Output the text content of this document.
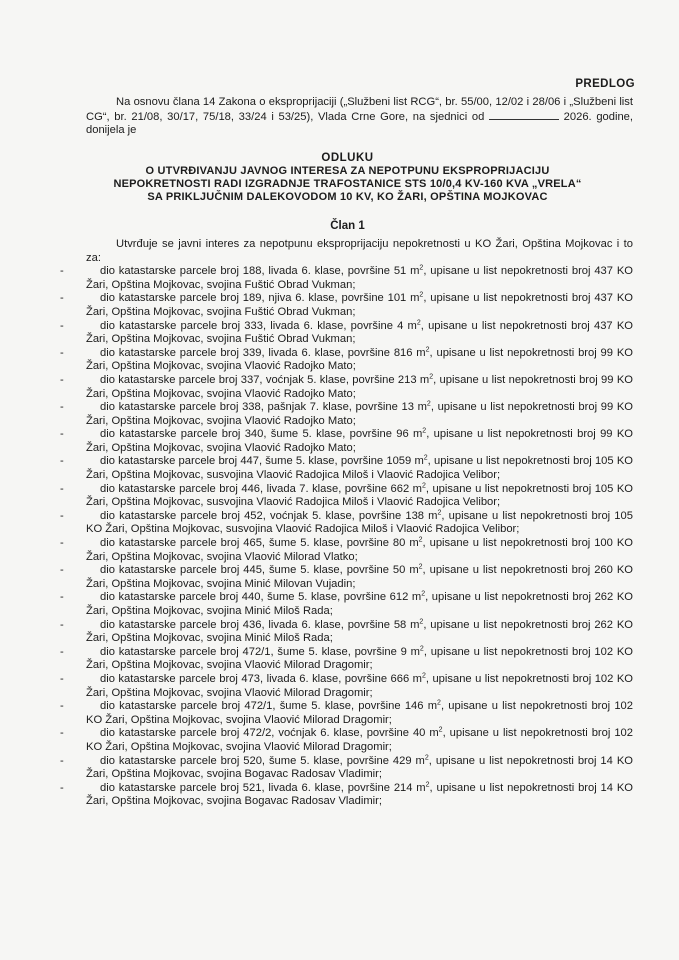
PREDLOG

Na osnovu člana 14 Zakona o eksproprijaciji („Službeni list RCG“, br. 55/00, 12/02 i 28/06 i „Službeni list CG“, br. 21/08, 30/17, 75/18, 33/24 i 53/25), Vlada Crne Gore, na sjednici od	2026. godine, donijela je

ODLUKU
O UTVRĐIVANJU JAVNOG INTERESA ZA NEPOTPUNU EKSPROPRIJACIJU
NEPOKRETNOSTI RADI IZGRADNJE TRAFOSTANICE STS 10/0,4 KV-160 KVA „VRELA“
SA PRIKLJUČNIM DALEKOVODOM 10 KV, KO ŽARI, OPŠTINA MOJKOVAC
Član 1
Utvrđuje se javni interes za nepotpunu eksproprijaciju nepokretnosti u KO Žari, Opština Mojkovac i to za:
-	dio katastarske parcele broj 188, livada 6. klase, površine 51 $m^2$, upisane u list nepokretnosti broj 437 KO Žari, Opština Mojkovac, svojina Fuštić Obrad Vukman;
-	dio katastarske parcele broj 189, njiva 6. klase, površine 101 $m^2$, upisane u list nepokretnosti broj 437 KO Žari, Opština Mojkovac, svojina Fuštić Obrad Vukman;
-	dio katastarske parcele broj 333, livada 6. klase, površine 4 $m^2$, upisane u list nepokretnosti broj 437 KO Žari, Opština Mojkovac, svojina Fuštić Obrad Vukman;
-	dio katastarske parcele broj 339, livada 6. klase, površine 816 $m^2$, upisane u list nepokretnosti broj 99 KO Žari, Opština Mojkovac, svojina Vlaović Radojko Mato;
-	dio katastarske parcele broj 337, voćnjak 5. klase, površine 213 $m^2$, upisane u list nepokretnosti broj 99 KO Žari, Opština Mojkovac, svojina Vlaović Radojko Mato;
-	dio katastarske parcele broj 338, pašnjak 7. klase, površine 13 $m^2$, upisane u list nepokretnosti broj 99 KO Žari, Opština Mojkovac, svojina Vlaović Radojko Mato;
-	dio katastarske parcele broj 340, šume 5. klase, površine 96 $m^2$, upisane u list nepokretnosti broj 99 KO Žari, Opština Mojkovac, svojina Vlaović Radojko Mato;
-	dio katastarske parcele broj 447, šume 5. klase, površine 1059 $m^2$, upisane u list nepokretnosti broj 105 KO Žari, Opština Mojkovac, susvojina Vlaović Radojica Miloš i Vlaović Radojica Velibor;
-	dio katastarske parcele broj 446, livada 7. klase, površine 662 $m^2$, upisane u list nepokretnosti broj 105 KO Žari, Opština Mojkovac, susvojina Vlaović Radojica Miloš i Vlaović Radojica Velibor;
-	dio katastarske parcele broj 452, voćnjak 5. klase, površine 138 $m^2$, upisane u list nepokretnosti broj 105 KO Žari, Opština Mojkovac, susvojina Vlaović Radojica Miloš i Vlaović Radojica Velibor;
-	dio katastarske parcele broj 465, šume 5. klase, površine 80 $m^2$, upisane u list nepokretnosti broj 100 KO Žari, Opština Mojkovac, svojina Vlaović Milorad Vlatko;
-	dio katastarske parcele broj 445, šume 5. klase, površine 50 $m^2$, upisane u list nepokretnosti broj 260 KO Žari, Opština Mojkovac, svojina Minić Milovan Vujadin;
-	dio katastarske parcele broj 440, šume 5. klase, površine 612 $m^2$, upisane u list nepokretnosti broj 262 KO Žari, Opština Mojkovac, svojina Minić Miloš Rada;
-	dio katastarske parcele broj 436, livada 6. klase, površine 58 $m^2$, upisane u list nepokretnosti broj 262 KO Žari, Opština Mojkovac, svojina Minić Miloš Rada;
-	dio katastarske parcele broj 472/1, šume 5. klase, površine 9 $m^2$, upisane u list nepokretnosti broj 102 KO Žari, Opština Mojkovac, svojina Vlaović Milorad Dragomir;
-	dio katastarske parcele broj 473, livada 6. klase, površine 666 $m^2$, upisane u list nepokretnosti broj 102 KO Žari, Opština Mojkovac, svojina Vlaović Milorad Dragomir;
-	dio katastarske parcele broj 472/1, šume 5. klase, površine 146 $m^2$, upisane u list nepokretnosti broj 102 KO Žari, Opština Mojkovac, svojina Vlaović Milorad Dragomir;
-	dio katastarske parcele broj 472/2, voćnjak 6. klase, površine 40 $m^2$, upisane u list nepokretnosti broj 102 KO Žari, Opština Mojkovac, svojina Vlaović Milorad Dragomir;
-	dio katastarske parcele broj 520, šume 5. klase, površine 429 $m^2$, upisane u list nepokretnosti broj 14 KO Žari, Opština Mojkovac, svojina Bogavac Radosav Vladimir;
-	dio katastarske parcele broj 521, livada 6. klase, površine 214 $m^2$, upisane u list nepokretnosti broj 14 KO Žari, Opština Mojkovac, svojina Bogavac Radosav Vladimir;
